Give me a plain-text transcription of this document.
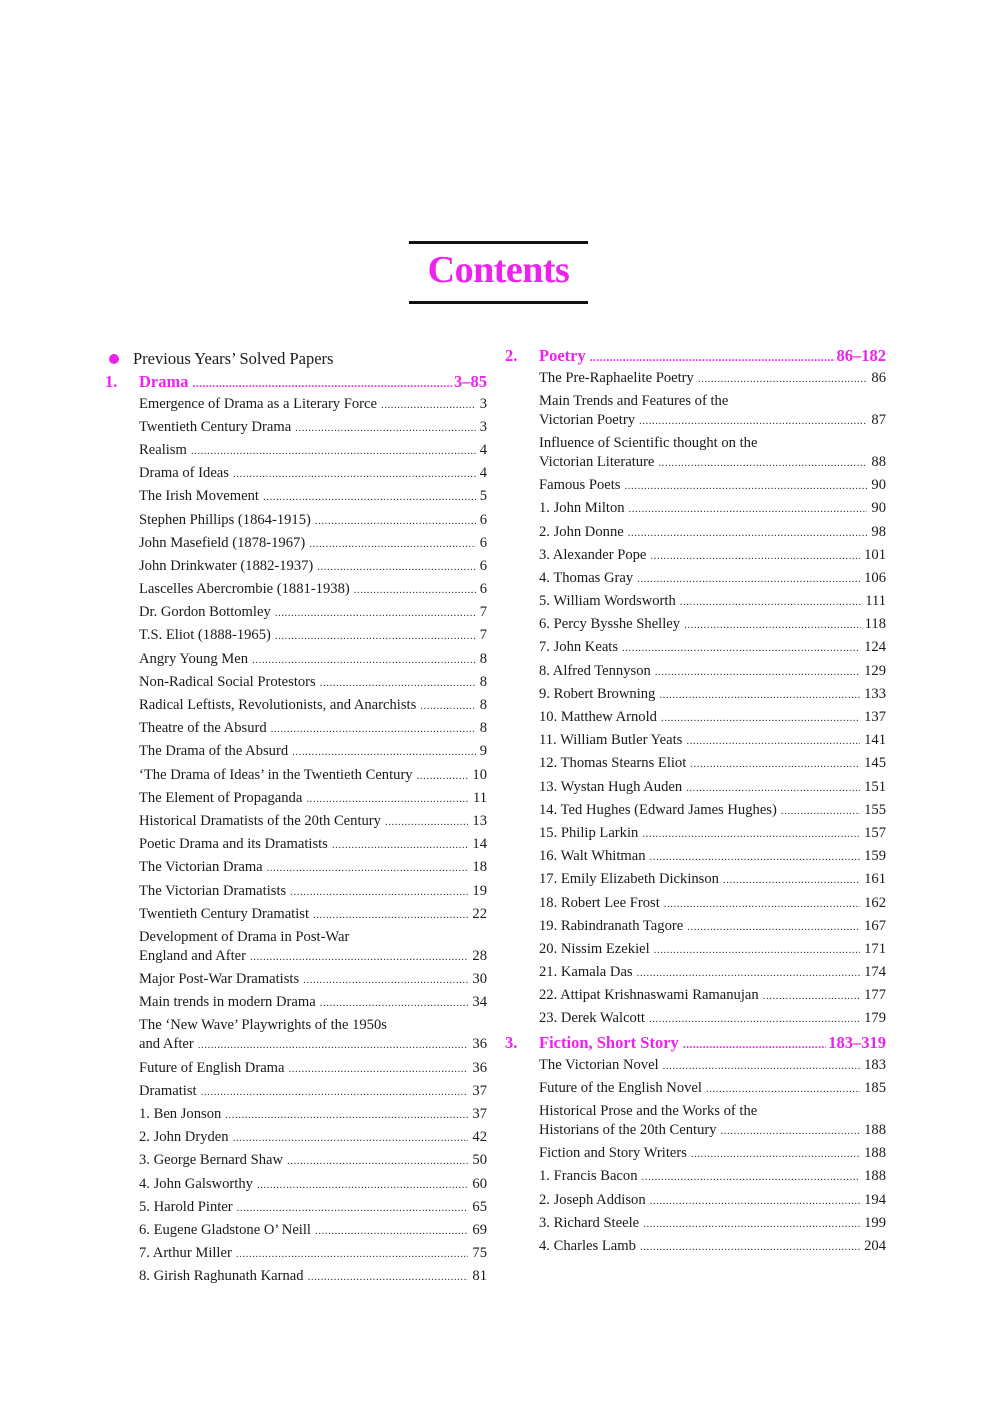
Contents
Previous Years’ Solved Papers
1.	Drama .....	3–85
Emergence of Drama as a Literary Force .....	3
Twentieth Century Drama .....	3
Realism .....	4
Drama of Ideas .....	4
The Irish Movement .....	5
Stephen Phillips (1864-1915) .....	6
John Masefield (1878-1967) .....	6
John Drinkwater (1882-1937) .....	6
Lascelles Abercrombie (1881-1938) .....	6
Dr. Gordon Bottomley .....	7
T.S. Eliot (1888-1965) .....	7
Angry Young Men .....	8
Non-Radical Social Protestors .....	8
Radical Leftists, Revolutionists, and Anarchists .....	8
Theatre of the Absurd .....	8
The Drama of the Absurd .....	9
‘The Drama of Ideas’ in the Twentieth Century .....	10
The Element of Propaganda .....	11
Historical Dramatists of the 20th Century .....	13
Poetic Drama and its Dramatists .....	14
The Victorian Drama .....	18
The Victorian Dramatists .....	19
Twentieth Century Dramatist .....	22
Development of Drama in Post-War
England and After .....	28
Major Post-War Dramatists .....	30
Main trends in modern Drama .....	34
The ‘New Wave’ Playwrights of the 1950s
and After .....	36
Future of English Drama .....	36
Dramatist .....	37
1. Ben Jonson .....	37
2. John Dryden .....	42
3. George Bernard Shaw .....	50
4. John Galsworthy .....	60
5. Harold Pinter .....	65
6. Eugene Gladstone O’ Neill .....	69
7. Arthur Miller .....	75
8. Girish Raghunath Karnad .....	81
2.	Poetry .....	86–182
The Pre-Raphaelite Poetry .....	86
Main Trends and Features of the
Victorian Poetry .....	87
Influence of Scientific thought on the
Victorian Literature .....	88
Famous Poets .....	90
1. John Milton .....	90
2. John Donne .....	98
3. Alexander Pope .....	101
4. Thomas Gray .....	106
5. William Wordsworth .....	111
6. Percy Bysshe Shelley .....	118
7. John Keats .....	124
8. Alfred Tennyson .....	129
9. Robert Browning .....	133
10. Matthew Arnold .....	137
11. William Butler Yeats .....	141
12. Thomas Stearns Eliot .....	145
13. Wystan Hugh Auden .....	151
14. Ted Hughes (Edward James Hughes) .....	155
15. Philip Larkin .....	157
16. Walt Whitman .....	159
17. Emily Elizabeth Dickinson .....	161
18. Robert Lee Frost .....	162
19. Rabindranath Tagore .....	167
20. Nissim Ezekiel .....	171
21. Kamala Das .....	174
22. Attipat Krishnaswami Ramanujan .....	177
23. Derek Walcott .....	179
3.	Fiction, Short Story .....	183–319
The Victorian Novel .....	183
Future of the English Novel .....	185
Historical Prose and the Works of the
Historians of the 20th Century .....	188
Fiction and Story Writers .....	188
1. Francis Bacon .....	188
2. Joseph Addison .....	194
3. Richard Steele .....	199
4. Charles Lamb .....	204
